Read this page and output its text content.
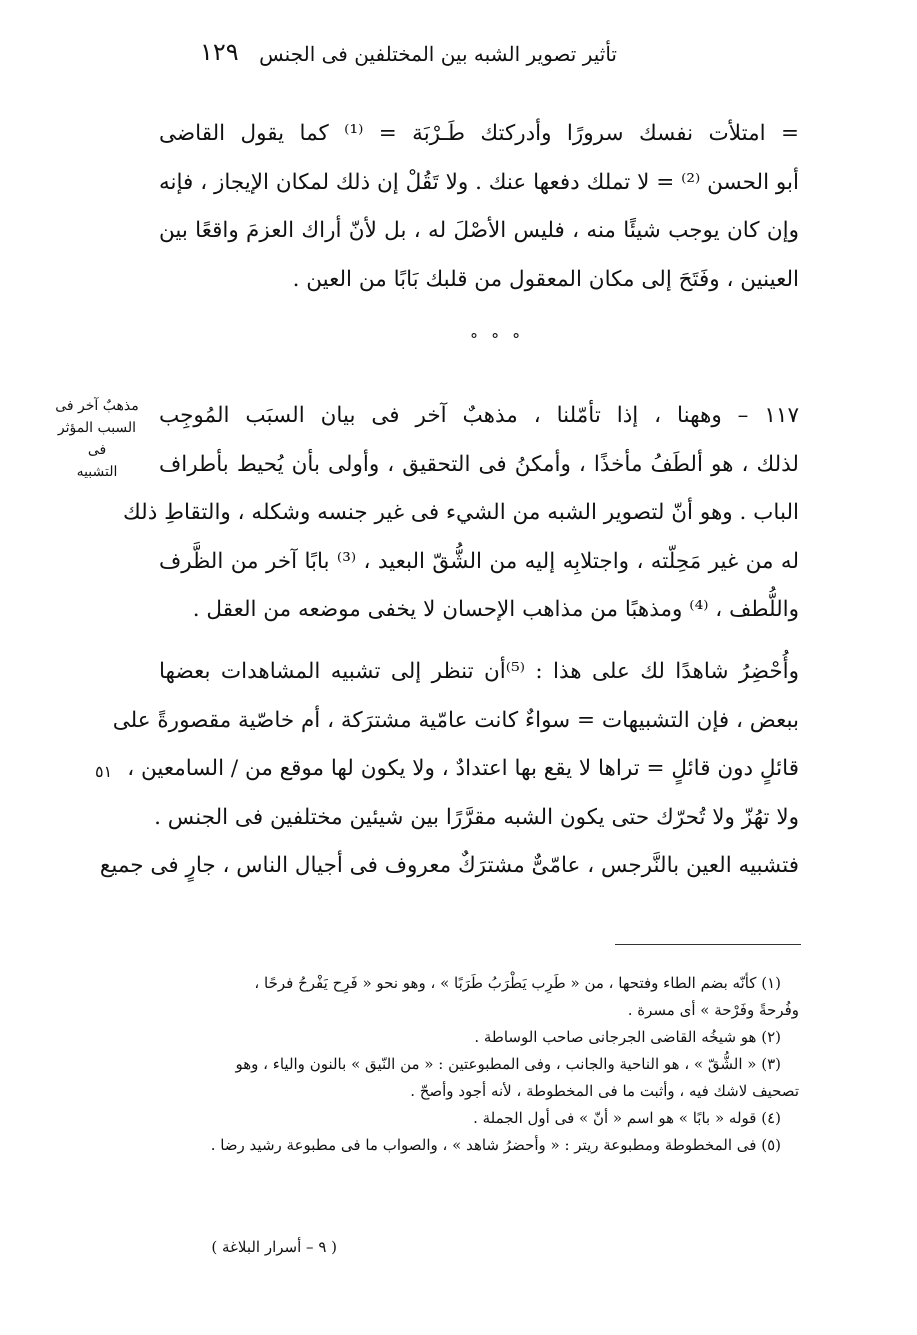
تأثير تصوير الشبه بين المختلفين فى الجنس
١٢٩
= امتلأت نفسك سرورًا وأدركتك طَـرْبَة = ⁽¹⁾ كما يقول القاضى
أبو الحسن ⁽²⁾ = لا تملك دفعها عنك . ولا تَقُلْ إن ذلك لمكان الإيجاز ، فإنه
وإن كان يوجب شيئًا منه ، فليس الأصْلَ له ، بل لأنّ أراك العزمَ واقعًا بين
العينين ، وفَتَحَ إلى مكان المعقول من قلبك بَابًا من العين .
° ° °
مذهبٌ آخر فى
السبب المؤثر فى
التشبيه
١١٧ – وههنا ، إذا تأمّلنا ، مذهبٌ آخر فى بيان السبَب المُوجِب
لذلك ، هو ألطَفُ مأخذًا ، وأمكنُ فى التحقيق ، وأولى بأن يُحيط بأطراف
الباب . وهو أنّ لتصوير الشبه من الشيء فى غير جنسه وشكله ، والتقاطِ ذلك
له من غير مَحِلّته ، واجتلابِه إليه من الشُّقّ البعيد ، ⁽³⁾ بابًا آخر من الظَّرف
واللُّطف ، ⁽⁴⁾ ومذهبًا من مذاهب الإحسان لا يخفى موضعه من العقل .
وأُحْضِرُ شاهدًا لك على هذا : ⁽⁵⁾أن تنظر إلى تشبيه المشاهدات بعضها
ببعض ، فإن التشبيهات = سواءٌ كانت عامّية مشترَكة ، أم خاصّية مقصورةً على
قائلٍ دون قائلٍ = تراها لا يقع بها اعتدادٌ ، ولا يكون لها موقع من / السامعين ،
ولا تهُزّ ولا تُحرّك حتى يكون الشبه مقرَّرًا بين شيئين مختلفين فى الجنس .
فتشبيه العين بالنَّرجس ، عامّىٌّ مشترَكٌ معروف فى أجيال الناس ، جارٍ فى جميع
٥١
(١) كأنّه بضم الطاء وفتحها ، من « طَرِب يَطْرَبُ طَرَبًا » ، وهو نحو « فَرِح يَفْرحُ فرحًا ،
وفُرحةً وفَرْحة » أى مسرة .
(٢) هو شيخُه القاضى الجرجانى صاحب الوساطة .
(٣) « الشُّقّ » ، هو الناحية والجانب ، وفى المطبوعتين : « من النّيق » بالنون والياء ، وهو
تصحيف لاشك فيه ، وأثبت ما فى المخطوطة ، لأنه أجود وأصحّ .
(٤) قوله « بابًا » هو اسم « أنّ » فى أول الجملة .
(٥) فى المخطوطة ومطبوعة ريتر : « وأحضرُ شاهد » ، والصواب ما فى مطبوعة رشيد رضا .
( ٩ – أسرار البلاغة )
